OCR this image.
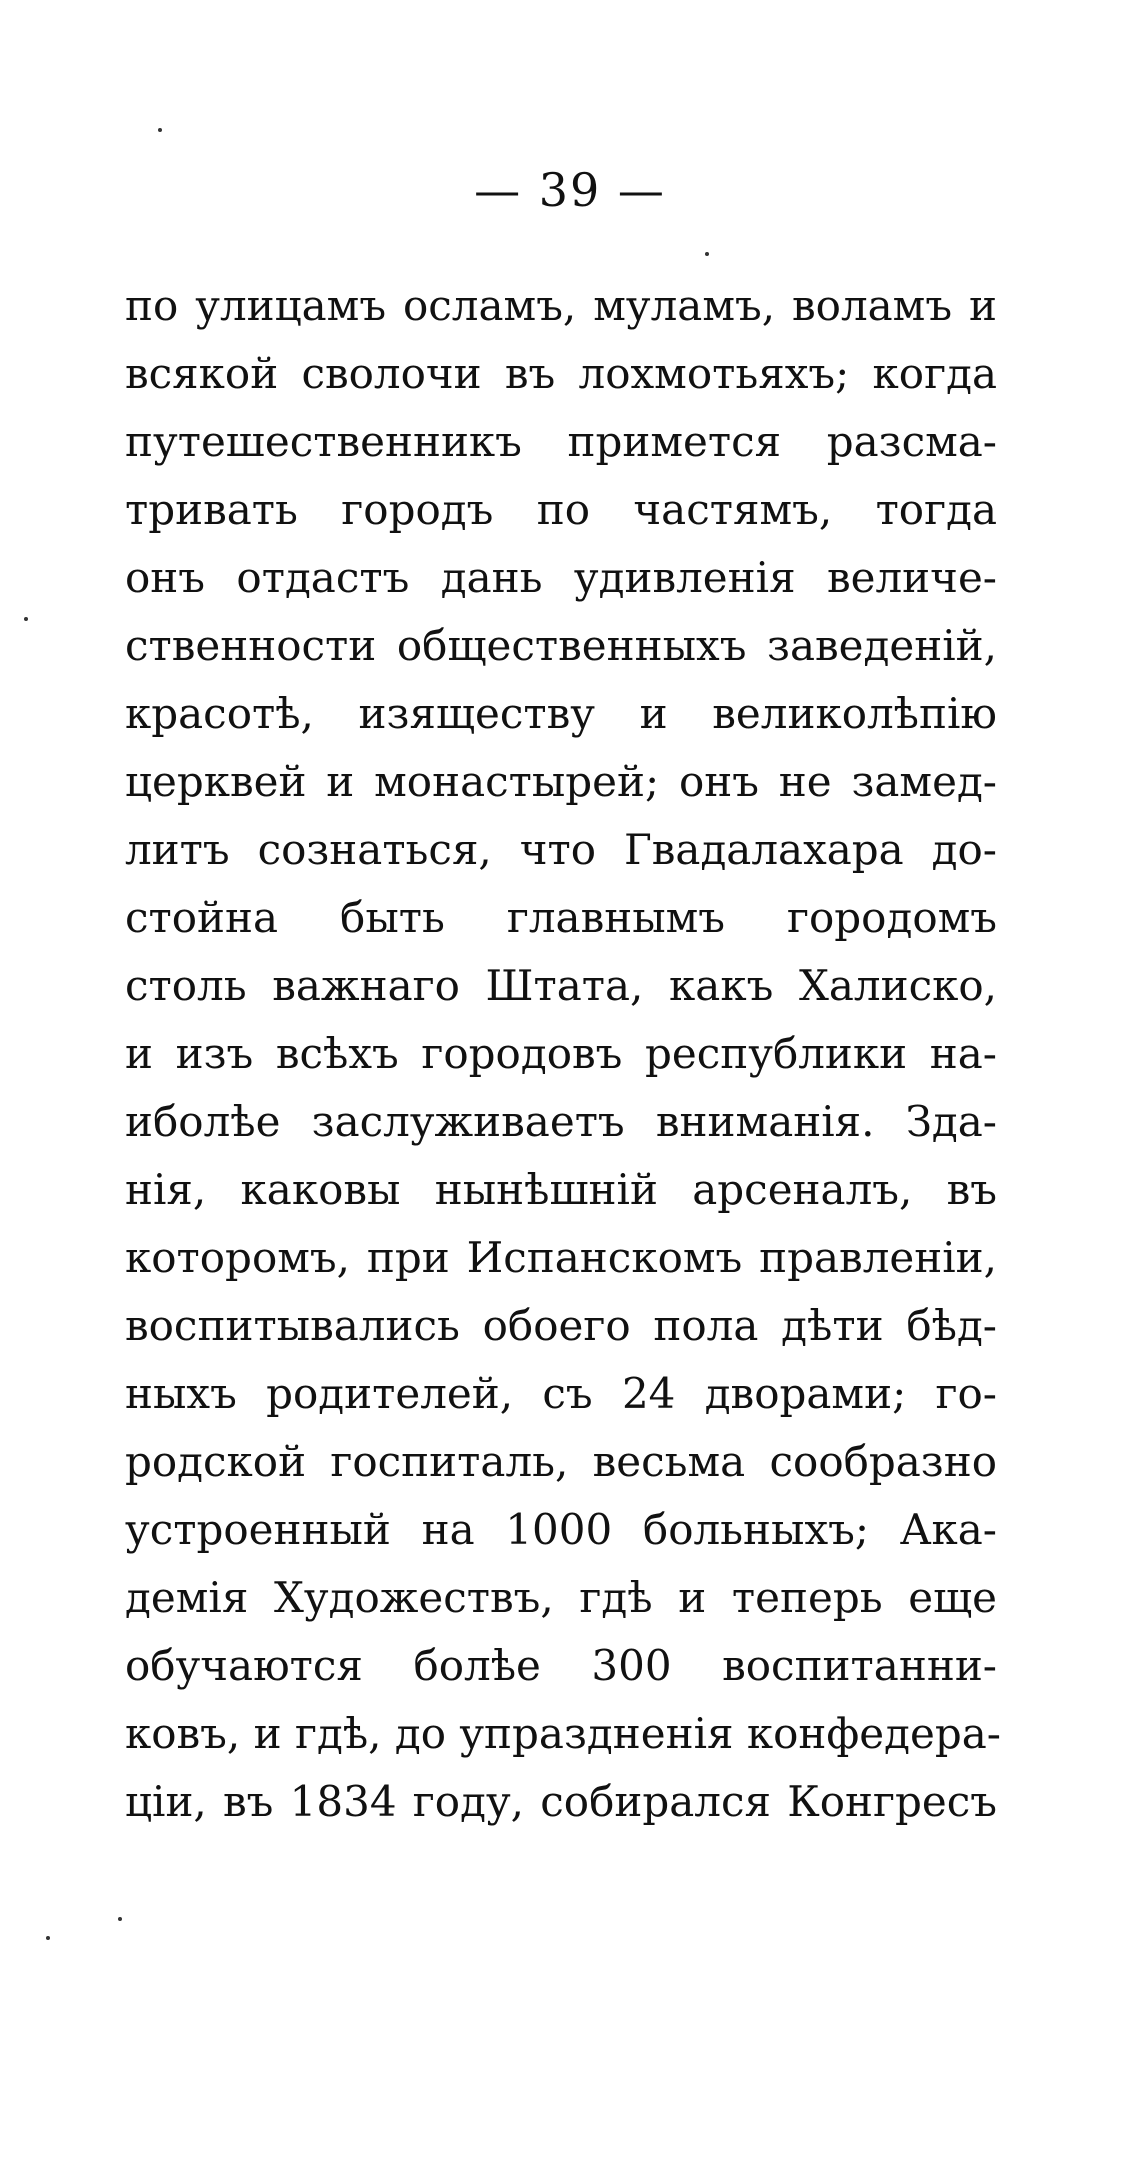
— 39 —
по улицамъ осламъ, муламъ, воламъ и
всякой сволочи въ лохмотьяхъ; когда
путешественникъ примется разсма-
тривать городъ по частямъ, тогда
онъ отдастъ дань удивленія величе-
ственности общественныхъ заведеній,
красотѣ, изяществу и великолѣпію
церквей и монастырей; онъ не замед-
литъ сознаться, что Гвадалахара до-
стойна быть главнымъ городомъ
столь важнаго Штата, какъ Халиско,
и изъ всѣхъ городовъ республики на-
иболѣе заслуживаетъ вниманія. Зда-
нія, каковы нынѣшній арсеналъ, въ
которомъ, при Испанскомъ правленіи,
воспитывались обоего пола дѣти бѣд-
ныхъ родителей, съ 24 дворами; го-
родской госпиталь, весьма сообразно
устроенный на 1000 больныхъ; Ака-
демія Художествъ, гдѣ и теперь еще
обучаются болѣе 300 воспитанни-
ковъ, и гдѣ, до упраздненія конфедера-
ціи, въ 1834 году, собирался Конгресъ
